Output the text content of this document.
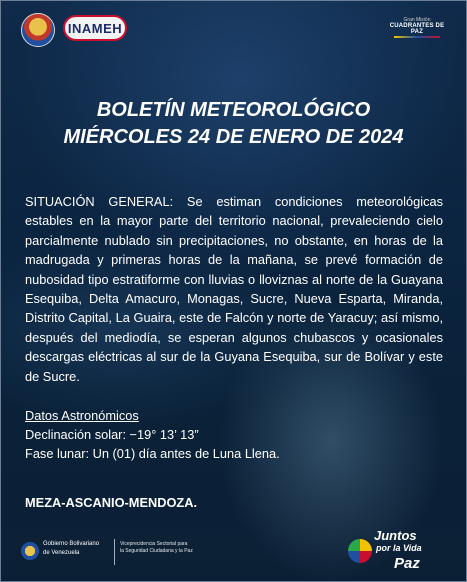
INAMEH
Gran Misión
CUADRANTES DE PAZ
BOLETÍN METEOROLÓGICO
MIÉRCOLES 24 DE ENERO DE 2024
SITUACIÓN GENERAL: Se estiman condiciones meteorológicas estables en la mayor parte del territorio nacional, prevaleciendo cielo parcialmente nublado sin precipitaciones, no obstante, en horas de la madrugada y primeras horas de la mañana, se prevé formación de nubosidad tipo estratiforme con lluvias o lloviznas al norte de la Guayana Esequiba, Delta Amacuro, Monagas, Sucre, Nueva Esparta, Miranda, Distrito Capital, La Guaira, este de Falcón y norte de Yaracuy; así mismo, después del mediodía, se esperan algunos chubascos y ocasionales descargas eléctricas al sur de la Guyana Esequiba, sur de Bolívar y este de Sucre.
Datos Astronómicos
Declinación solar: −19° 13’ 13”
Fase lunar: Un (01) día antes de Luna Llena.
MEZA-ASCANIO-MENDOZA.
Gobierno Bolivariano
de Venezuela
Viceprecidencia Sectorial para
la Seguridad Ciudadana y la Paz
Juntos
por la Vida
Paz
